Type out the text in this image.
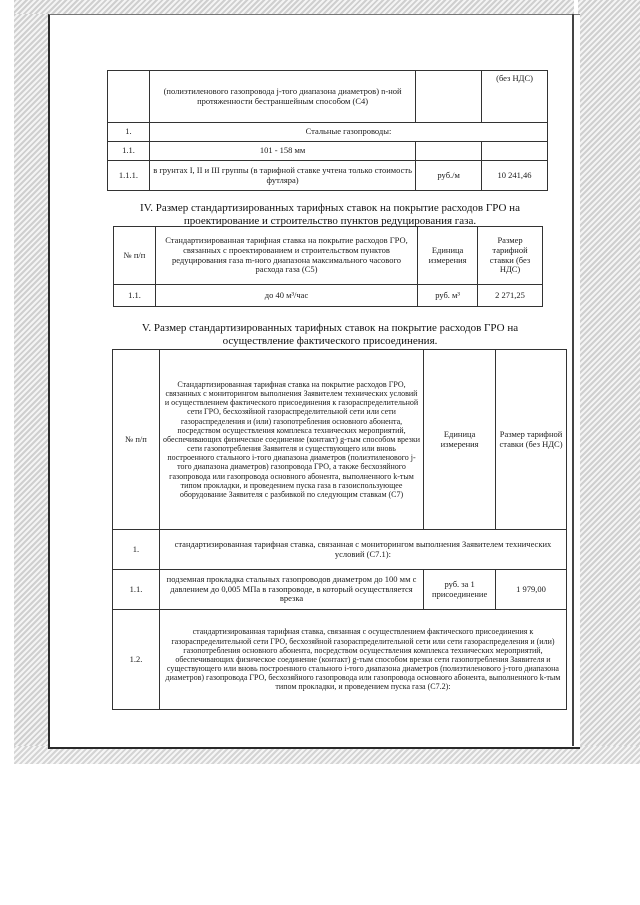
	(полиэтиленового газопровода j-того диапазона диаметров) n-ной протяженности бестраншейным способом (C4)		(без НДС)
1.	Стальные газопроводы:		
1.1.	101 - 158 мм		
1.1.1.	в грунтах I, II и III группы (в тарифной ставке учтена только стоимость футляра)	руб./м	10 241,46
IV. Размер стандартизированных тарифных ставок на покрытие расходов ГРО на проектирование и строительство пунктов редуцирования газа.
№ п/п	Стандартизированная тарифная ставка на покрытие расходов ГРО, связанных с проектированием и строительством пунктов редуцирования газа m-ного диапазона максимального часового расхода газа (C5)	Единица измерения	Размер тарифной ставки (без НДС)
1.1.	до 40 м³/час	руб. м³	2 271,25
V. Размер стандартизированных тарифных ставок на покрытие расходов ГРО на осуществление фактического присоединения.
№ п/п	Стандартизированная тарифная ставка на покрытие расходов ГРО, связанных с мониторингом выполнения Заявителем технических условий и осуществлением фактического присоединения к газораспределительной сети ГРО, бесхозяйной газораспределительной сети или сети газораспределения и (или) газопотребления основного абонента, посредством осуществления комплекса технических мероприятий, обеспечивающих физическое соединение (контакт) g-тым способом врезки сети газопотребления Заявителя и существующего или вновь построенного стального i-того диапазона диаметров (полиэтиленового j-того диапазона диаметров) газопровода ГРО, а также бесхозяйного газопровода или газопровода основного абонента, выполненного k-тым типом прокладки, и проведением пуска газа в газоиспользующее оборудование Заявителя с разбивкой по следующим ставкам (C7)	Единица измерения	Размер тарифной ставки (без НДС)
1.	стандартизированная тарифная ставка, связанная с мониторингом выполнения Заявителем технических условий (C7.1):		
1.1.	подземная прокладка стальных газопроводов диаметром до 100 мм с давлением до 0,005 МПа в газопроводе, в который осуществляется врезка	руб. за 1 присоединение	1 979,00
1.2.	стандартизированная тарифная ставка, связанная с осуществлением фактического присоединения к газораспределительной сети ГРО, бесхозяйной газораспределительной сети или сети газораспределения и (или) газопотребления основного абонента, посредством осуществления комплекса технических мероприятий, обеспечивающих физическое соединение (контакт) g-тым способом врезки сети газопотребления Заявителя и существующего или вновь построенного стального i-того диапазона диаметров (полиэтиленового j-того диапазона диаметров) газопровода ГРО, бесхозяйного газопровода или газопровода основного абонента, выполненного k-тым типом прокладки, и проведением пуска газа (C7.2):		
